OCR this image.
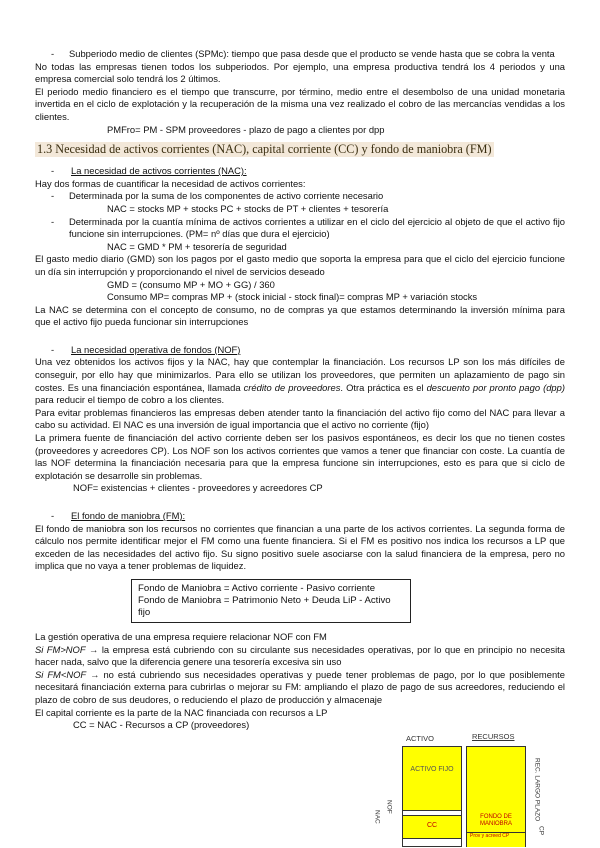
- Subperiodo medio de clientes (SPMc): tiempo que pasa desde que el producto se vende hasta que se cobra la venta

No todas las empresas tienen todos los subperiodos. Por ejemplo, una empresa productiva tendrá los 4 periodos y una empresa comercial solo tendrá los 2 últimos.

El periodo medio financiero es el tiempo que transcurre, por término, medio entre el desembolso de una unidad monetaria invertida en el ciclo de explotación y la recuperación de la misma una vez realizado el cobro de las mercancías vendidas a los clientes.

PMFro= PM - SPM proveedores - plazo de pago a clientes por dpp

1.3 Necesidad de activos corrientes (NAC), capital corriente (CC) y fondo de maniobra (FM)
- La necesidad de activos corrientes (NAC):

Hay dos formas de cuantificar la necesidad de activos corrientes:

- Determinada por la suma de los componentes de activo corriente necesario

NAC = stocks MP + stocks PC + stocks de PT + clientes + tesorería

- Determinada por la cuantía mínima de activos corrientes a utilizar en el ciclo del ejercicio al objeto de que el activo fijo funcione sin interrupciones. (PM= nº días que dura el ejercicio)

NAC = GMD * PM + tesorería de seguridad

El gasto medio diario (GMD) son los pagos por el gasto medio que soporta la empresa para que el ciclo del ejercicio funcione un día sin interrupción y proporcionando el nivel de servicios deseado

GMD = (consumo MP + MO + GG) / 360

Consumo MP= compras MP + (stock inicial - stock final)= compras MP + variación stocks

La NAC se determina con el concepto de consumo, no de compras ya que estamos determinando la inversión mínima para que el activo fijo pueda funcionar sin interrupciones

- La necesidad operativa de fondos (NOF)

Una vez obtenidos los activos fijos y la NAC, hay que contemplar la financiación. Los recursos LP son los más difíciles de conseguir, por ello hay que minimizarlos. Para ello se utilizan los proveedores, que permiten un aplazamiento de pago sin costes. Es una financiación espontánea, llamada crédito de proveedores. Otra práctica es el descuento por pronto pago (dpp) para reducir el tiempo de cobro a los clientes.

Para evitar problemas financieros las empresas deben atender tanto la financiación del activo fijo como del NAC para llevar a cabo su actividad. El NAC es una inversión de igual importancia que el activo no corriente (fijo)

La primera fuente de financiación del activo corriente deben ser los pasivos espontáneos, es decir los que no tienen costes (proveedores y acreedores CP). Los NOF son los activos corrientes que vamos a tener que financiar con coste. La cuantía de las NOF determina la financiación necesaria para que la empresa funcione sin interrupciones, esto es para que si ciclo de explotación se desarrolle sin problemas.

NOF= existencias + clientes - proveedores y acreedores CP

- El fondo de maniobra (FM):

El fondo de maniobra son los recursos no corrientes que financian a una parte de los activos corrientes. La segunda forma de cálculo nos permite identificar mejor el FM como una fuente financiera. Si el FM es positivo nos indica los recursos a LP que exceden de las necesidades del activo fijo. Su signo positivo suele asociarse con la salud financiera de la empresa, pero no implica que no vaya a tener problemas de liquidez.

Fondo de Maniobra = Activo corriente - Pasivo corriente
Fondo de Maniobra = Patrimonio Neto + Deuda LiP - Activo fijo

La gestión operativa de una empresa requiere relacionar NOF con FM

Si FM>NOF → la empresa está cubriendo con su circulante sus necesidades operativas, por lo que en principio no necesita hacer nada, salvo que la diferencia genere una tesorería excesiva sin uso

Si FM<NOF → no está cubriendo sus necesidades operativas y puede tener problemas de pago, por lo que posiblemente necesitará financiación externa para cubrirlas o mejorar su FM: ampliando el plazo de pago de sus acreedores, reduciendo el plazo de cobro de sus deudores, o reduciendo el plazo de producción y almacenaje

El capital corriente es la parte de la NAC financiada con recursos a LP

CC = NAC - Recursos a CP (proveedores)

ACTIVO	RECURSOS
ACTIVO FIJO
CC
FONDO DE MANIOBRA
Prov y acreed CP
REC. LARGO PLAZO
NAC
NOF
CP
